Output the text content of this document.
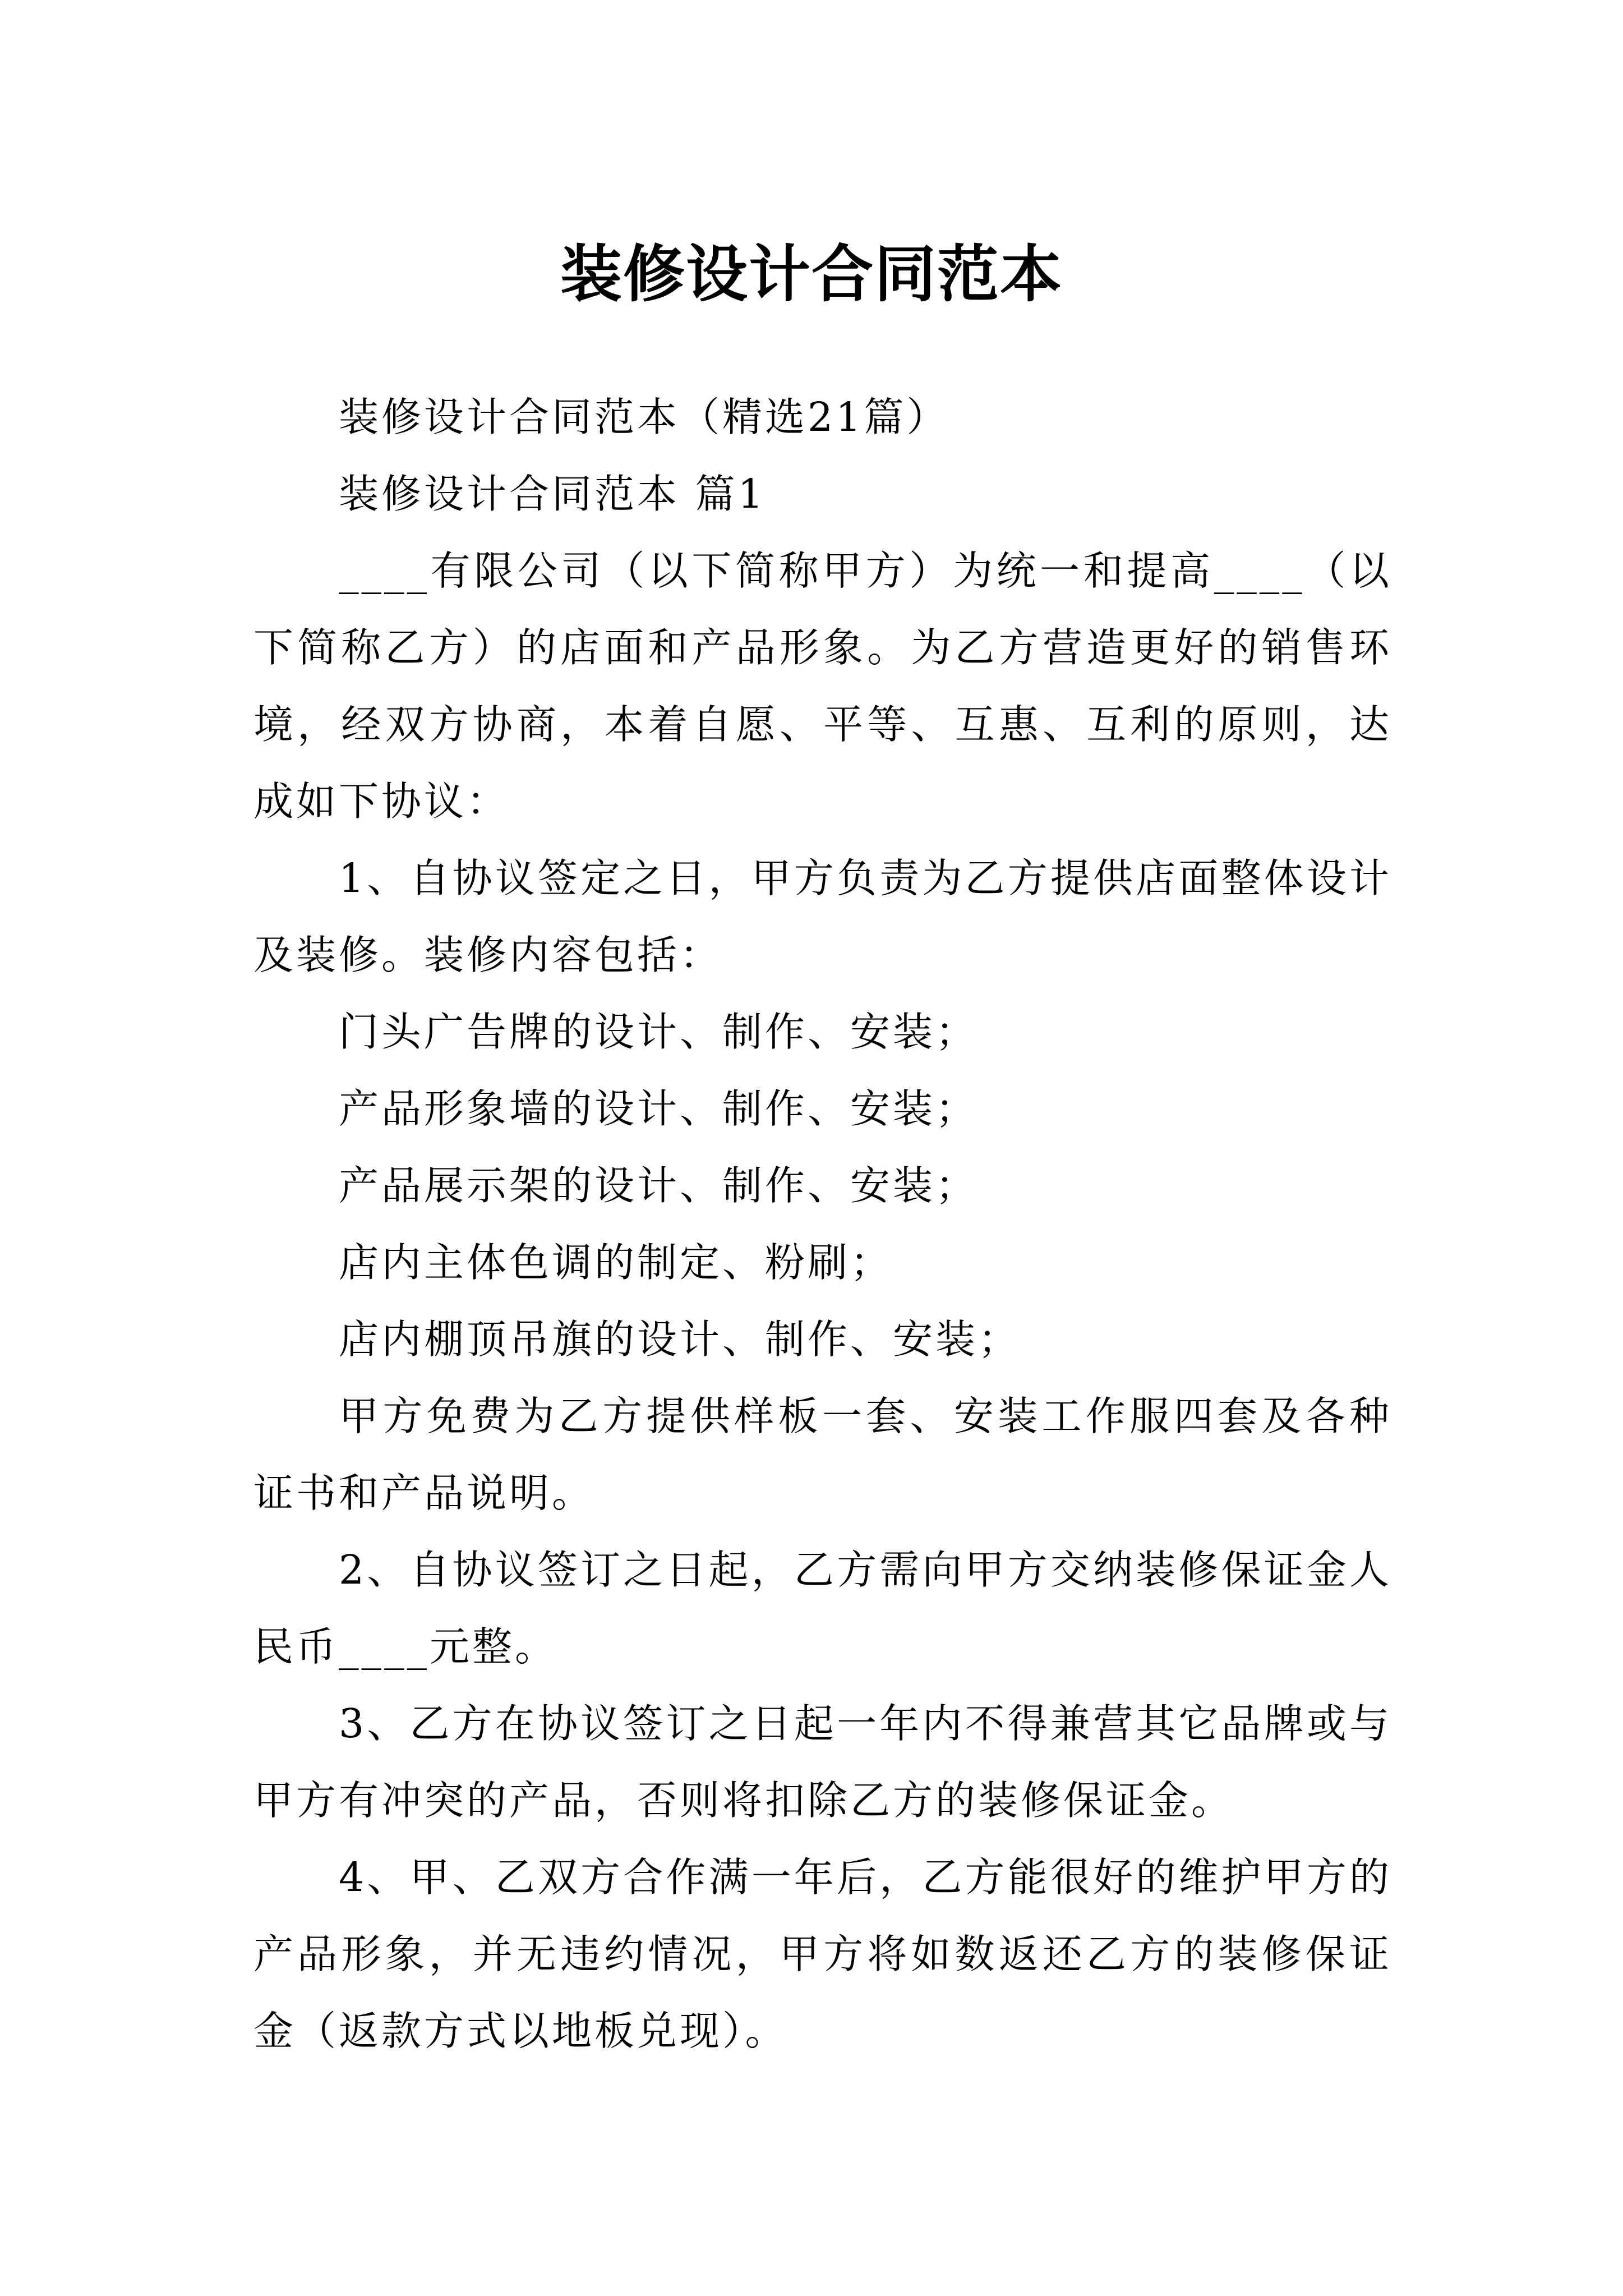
装修设计合同范本

装修设计合同范本（精选21篇）

装修设计合同范本 篇1

____有限公司（以下简称甲方）为统一和提高____（以下简称乙方）的店面和产品形象。为乙方营造更好的销售环境，经双方协商，本着自愿、平等、互惠、互利的原则，达成如下协议：

1、自协议签定之日，甲方负责为乙方提供店面整体设计及装修。装修内容包括：

门头广告牌的设计、制作、安装；

产品形象墙的设计、制作、安装；

产品展示架的设计、制作、安装；

店内主体色调的制定、粉刷；

店内棚顶吊旗的设计、制作、安装；

甲方免费为乙方提供样板一套、安装工作服四套及各种证书和产品说明。

2、自协议签订之日起，乙方需向甲方交纳装修保证金人民币____元整。

3、乙方在协议签订之日起一年内不得兼营其它品牌或与甲方有冲突的产品，否则将扣除乙方的装修保证金。

4、甲、乙双方合作满一年后，乙方能很好的维护甲方的产品形象，并无违约情况，甲方将如数返还乙方的装修保证金（返款方式以地板兑现）。
